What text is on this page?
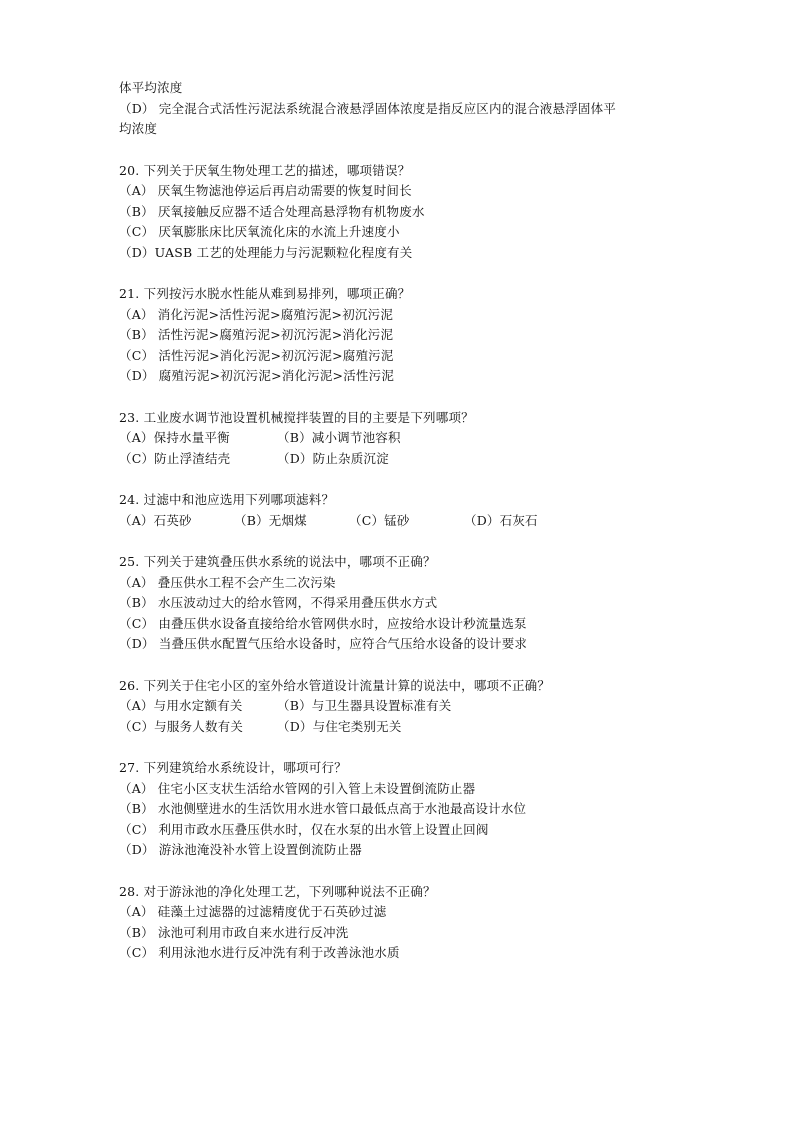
体平均浓度
（D） 完全混合式活性污泥法系统混合液悬浮固体浓度是指反应区内的混合液悬浮固体平
均浓度
20. 下列关于厌氧生物处理工艺的描述，哪项错误？
（A） 厌氧生物滤池停运后再启动需要的恢复时间长
（B） 厌氧接触反应器不适合处理高悬浮物有机物废水
（C） 厌氧膨胀床比厌氧流化床的水流上升速度小
（D）UASB 工艺的处理能力与污泥颗粒化程度有关
21. 下列按污水脱水性能从难到易排列，哪项正确？
（A） 消化污泥>活性污泥>腐殖污泥>初沉污泥
（B） 活性污泥>腐殖污泥>初沉污泥>消化污泥
（C） 活性污泥>消化污泥>初沉污泥>腐殖污泥
（D） 腐殖污泥>初沉污泥>消化污泥>活性污泥
23. 工业废水调节池设置机械搅拌装置的目的主要是下列哪项？
（A）保持水量平衡	（B）减小调节池容积
（C）防止浮渣结壳	（D）防止杂质沉淀
24. 过滤中和池应选用下列哪项滤料？
（A）石英砂	（B）无烟煤	（C）锰砂	（D）石灰石
25. 下列关于建筑叠压供水系统的说法中，哪项不正确？
（A） 叠压供水工程不会产生二次污染
（B） 水压波动过大的给水管网，不得采用叠压供水方式
（C） 由叠压供水设备直接给给水管网供水时，应按给水设计秒流量选泵
（D） 当叠压供水配置气压给水设备时，应符合气压给水设备的设计要求
26. 下列关于住宅小区的室外给水管道设计流量计算的说法中，哪项不正确？
（A）与用水定额有关	（B）与卫生器具设置标准有关
（C）与服务人数有关	（D）与住宅类别无关
27. 下列建筑给水系统设计，哪项可行？
（A） 住宅小区支状生活给水管网的引入管上未设置倒流防止器
（B） 水池侧壁进水的生活饮用水进水管口最低点高于水池最高设计水位
（C） 利用市政水压叠压供水时，仅在水泵的出水管上设置止回阀
（D） 游泳池淹没补水管上设置倒流防止器
28. 对于游泳池的净化处理工艺，下列哪种说法不正确？
（A） 硅藻土过滤器的过滤精度优于石英砂过滤
（B） 泳池可利用市政自来水进行反冲洗
（C） 利用泳池水进行反冲洗有利于改善泳池水质
